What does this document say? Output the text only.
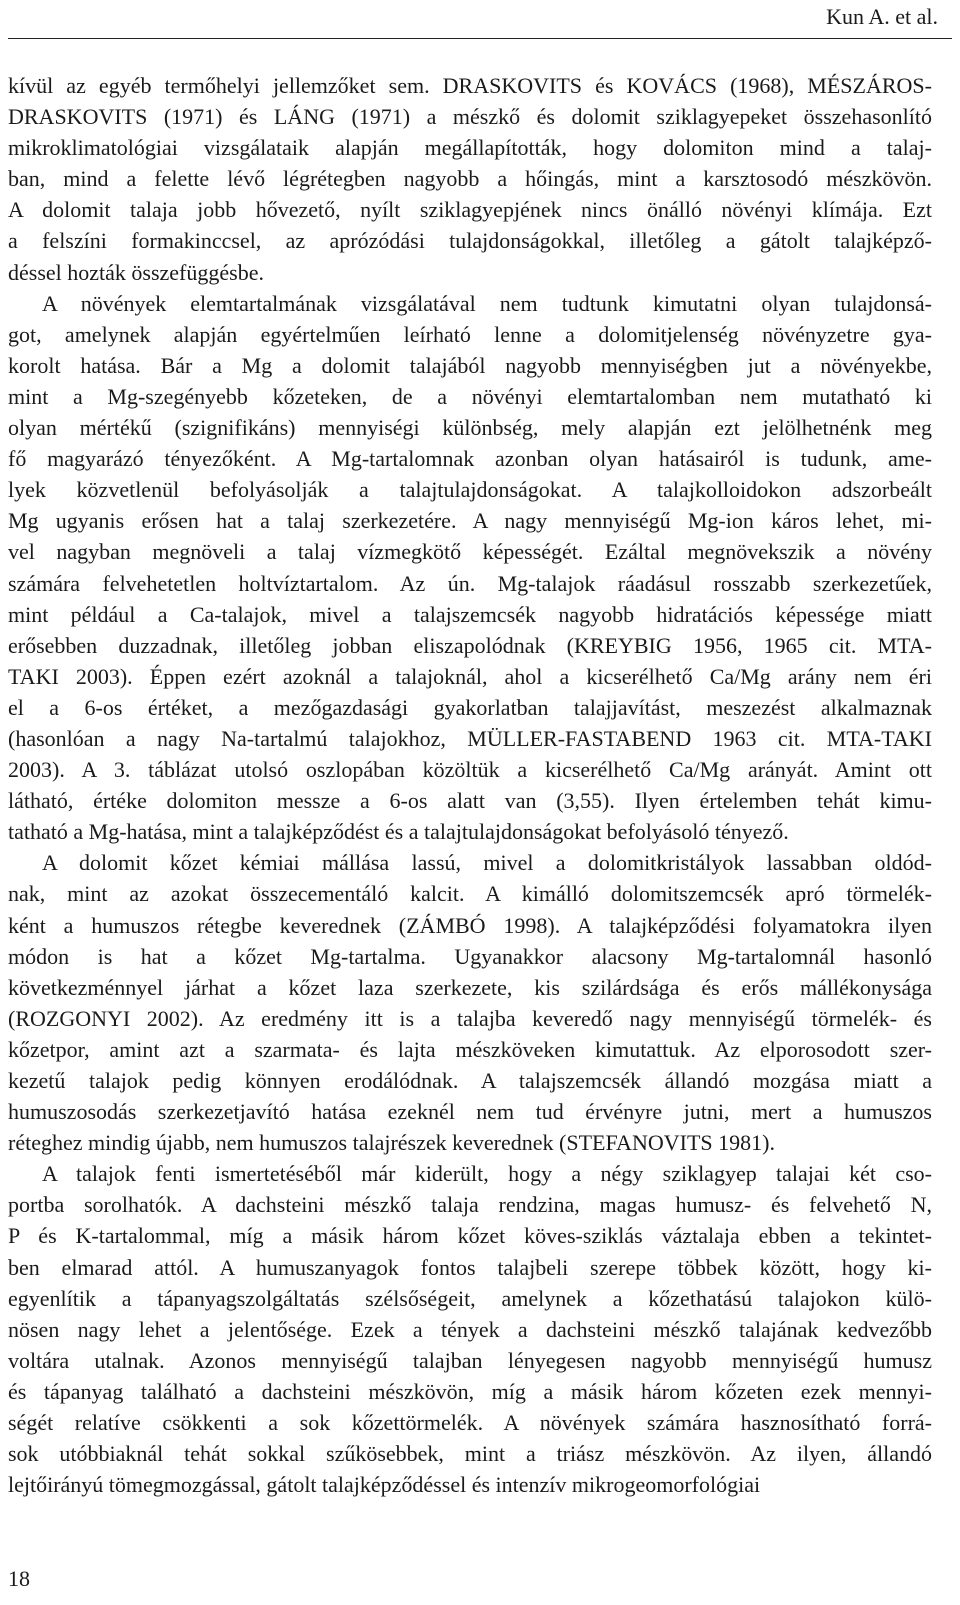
Kun A. et al.
kívül az egyéb termőhelyi jellemzőket sem. DRASKOVITS és KOVÁCS (1968), MÉSZÁROS-
DRASKOVITS (1971) és LÁNG (1971) a mészkő és dolomit sziklagyepeket összehasonlító
mikroklimatológiai vizsgálataik alapján megállapították, hogy dolomiton mind a talaj-
ban, mind a felette lévő légrétegben nagyobb a hőingás, mint a karsztosodó mészkövön.
A dolomit talaja jobb hővezető, nyílt sziklagyepjének nincs önálló növényi klímája. Ezt
a felszíni formakinccsel, az aprózódási tulajdonságokkal, illetőleg a gátolt talajképző-
déssel hozták összefüggésbe.
A növények elemtartalmának vizsgálatával nem tudtunk kimutatni olyan tulajdonsá-
got, amelynek alapján egyértelműen leírható lenne a dolomitjelenség növényzetre gya-
korolt hatása. Bár a Mg a dolomit talajából nagyobb mennyiségben jut a növényekbe,
mint a Mg-szegényebb kőzeteken, de a növényi elemtartalomban nem mutatható ki
olyan mértékű (szignifikáns) mennyiségi különbség, mely alapján ezt jelölhetnénk meg
fő magyarázó tényezőként. A Mg-tartalomnak azonban olyan hatásairól is tudunk, ame-
lyek közvetlenül befolyásolják a talajtulajdonságokat. A talajkolloidokon adszorbeált
Mg ugyanis erősen hat a talaj szerkezetére. A nagy mennyiségű Mg-ion káros lehet, mi-
vel nagyban megnöveli a talaj vízmegkötő képességét. Ezáltal megnövekszik a növény
számára felvehetetlen holtvíztartalom. Az ún. Mg-talajok ráadásul rosszabb szerkezetűek,
mint például a Ca-talajok, mivel a talajszemcsék nagyobb hidratációs képessége miatt
erősebben duzzadnak, illetőleg jobban eliszapolódnak (KREYBIG 1956, 1965 cit. MTA-
TAKI 2003). Éppen ezért azoknál a talajoknál, ahol a kicserélhető Ca/Mg arány nem éri
el a 6-os értéket, a mezőgazdasági gyakorlatban talajjavítást, meszezést alkalmaznak
(hasonlóan a nagy Na-tartalmú talajokhoz, MÜLLER-FASTABEND 1963 cit. MTA-TAKI
2003). A 3. táblázat utolsó oszlopában közöltük a kicserélhető Ca/Mg arányát. Amint ott
látható, értéke dolomiton messze a 6-os alatt van (3,55). Ilyen értelemben tehát kimu-
tatható a Mg-hatása, mint a talajképződést és a talajtulajdonságokat befolyásoló tényező.
A dolomit kőzet kémiai mállása lassú, mivel a dolomitkristályok lassabban oldód-
nak, mint az azokat összecementáló kalcit. A kimálló dolomitszemcsék apró törmelék-
ként a humuszos rétegbe keverednek (ZÁMBÓ 1998). A talajképződési folyamatokra ilyen
módon is hat a kőzet Mg-tartalma. Ugyanakkor alacsony Mg-tartalomnál hasonló
következménnyel járhat a kőzet laza szerkezete, kis szilárdsága és erős mállékonysága
(ROZGONYI 2002). Az eredmény itt is a talajba keveredő nagy mennyiségű törmelék- és
kőzetpor, amint azt a szarmata- és lajta mészköveken kimutattuk. Az elporosodott szer-
kezetű talajok pedig könnyen erodálódnak. A talajszemcsék állandó mozgása miatt a
humuszosodás szerkezetjavító hatása ezeknél nem tud érvényre jutni, mert a humuszos
réteghez mindig újabb, nem humuszos talajrészek keverednek (STEFANOVITS 1981).
A talajok fenti ismertetéséből már kiderült, hogy a négy sziklagyep talajai két cso-
portba sorolhatók. A dachsteini mészkő talaja rendzina, magas humusz- és felvehető N,
P és K-tartalommal, míg a másik három kőzet köves-sziklás váztalaja ebben a tekintet-
ben elmarad attól. A humuszanyagok fontos talajbeli szerepe többek között, hogy ki-
egyenlítik a tápanyagszolgáltatás szélsőségeit, amelynek a kőzethatású talajokon külö-
nösen nagy lehet a jelentősége. Ezek a tények a dachsteini mészkő talajának kedvezőbb
voltára utalnak. Azonos mennyiségű talajban lényegesen nagyobb mennyiségű humusz
és tápanyag található a dachsteini mészkövön, míg a másik három kőzeten ezek mennyi-
ségét relatíve csökkenti a sok kőzettörmelék. A növények számára hasznosítható forrá-
sok utóbbiaknál tehát sokkal szűkösebbek, mint a triász mészkövön. Az ilyen, állandó
lejtőirányú tömegmozgással, gátolt talajképződéssel és intenzív mikrogeomorfológiai
18
